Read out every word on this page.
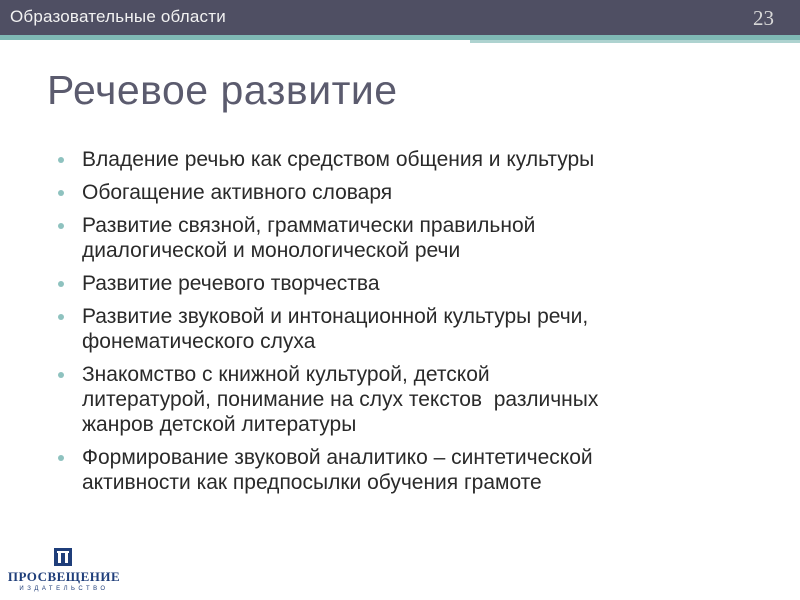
Образовательные области	23
Речевое развитие
Владение речью как средством общения и культуры
Обогащение активного словаря
Развитие связной, грамматически правильной
диалогической и монологической речи
Развитие речевого творчества
Развитие звуковой и интонационной культуры речи,
фонематического слуха
Знакомство с книжной культурой, детской
литературой, понимание на слух текстов  различных
жанров детской литературы
Формирование звуковой аналитико – синтетической
активности как предпосылки обучения грамоте
ПРОСВЕЩЕНИЕ
ИЗДАТЕЛЬСТВО
